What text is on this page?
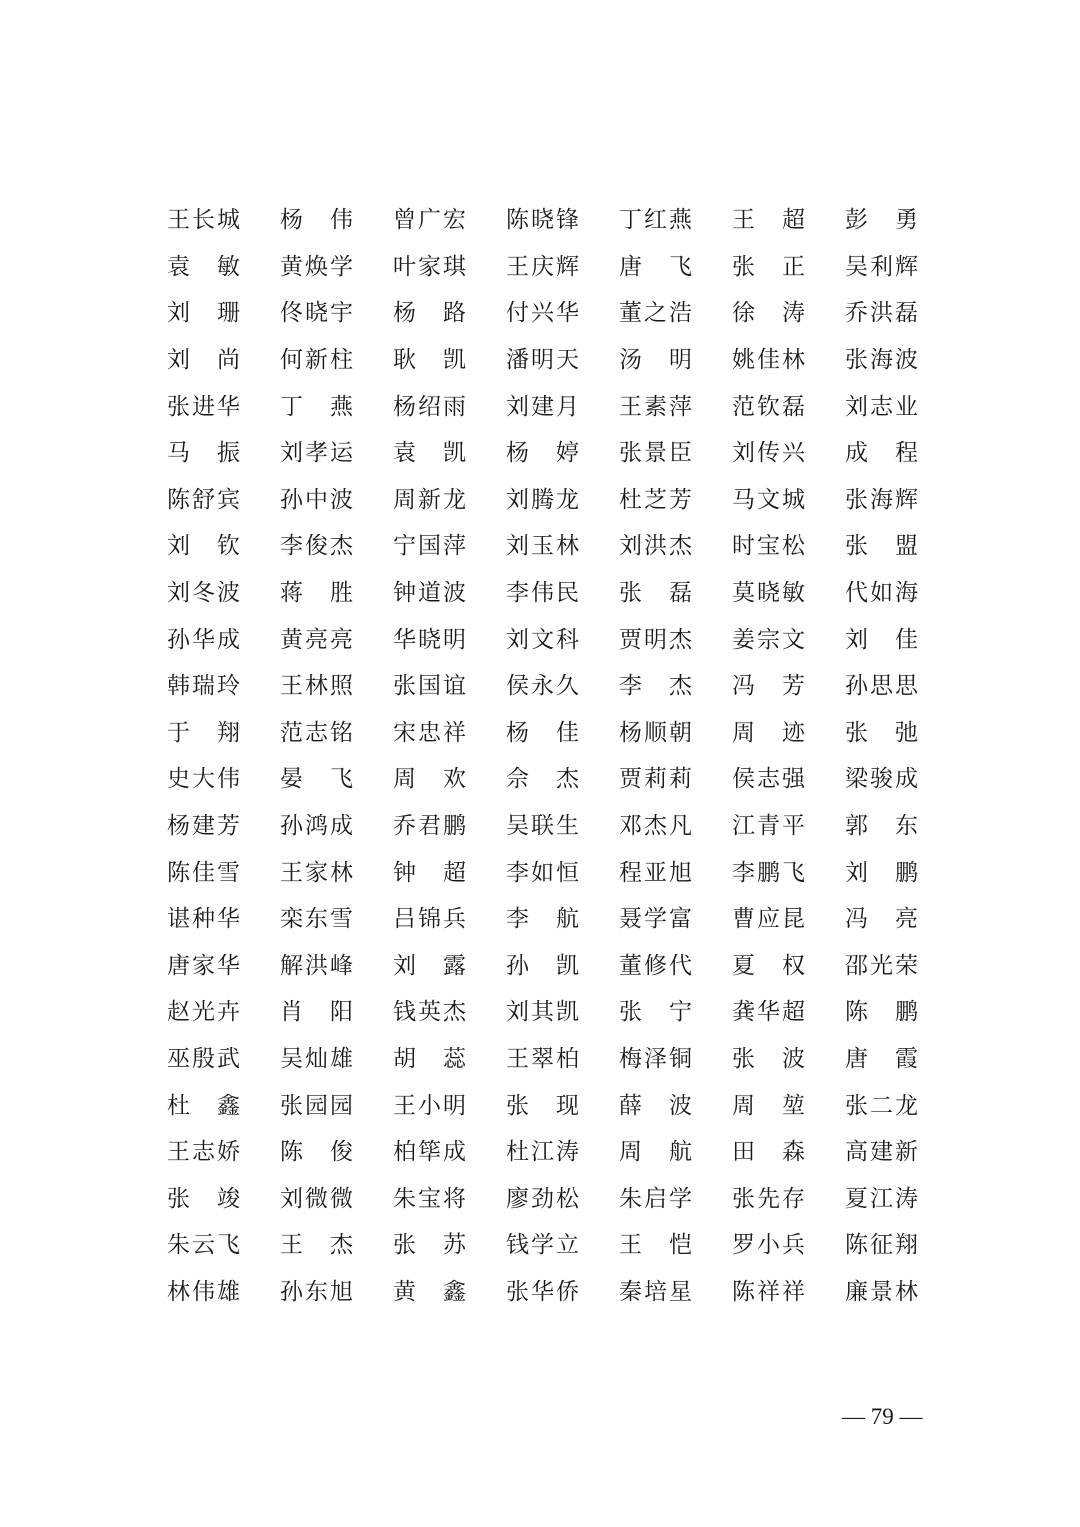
王 长 城 杨 伟 曾 广 宏 陈 晓 锋 丁 红 燕 王 超 彭 勇
袁 敏 黄 焕 学 叶 家 琪 王 庆 辉 唐 飞 张 正 吴 利 辉
刘 珊 佟 晓 宇 杨 路 付 兴 华 董 之 浩 徐 涛 乔 洪 磊
刘 尚 何 新 柱 耿 凯 潘 明 天 汤 明 姚 佳 林 张 海 波
张 进 华 丁 燕 杨 绍 雨 刘 建 月 王 素 萍 范 钦 磊 刘 志 业
马 振 刘 孝 运 袁 凯 杨 婷 张 景 臣 刘 传 兴 成 程
陈 舒 宾 孙 中 波 周 新 龙 刘 腾 龙 杜 芝 芳 马 文 城 张 海 辉
刘 钦 李 俊 杰 宁 国 萍 刘 玉 林 刘 洪 杰 时 宝 松 张 盟
刘 冬 波 蒋 胜 钟 道 波 李 伟 民 张 磊 莫 晓 敏 代 如 海
孙 华 成 黄 亮 亮 华 晓 明 刘 文 科 贾 明 杰 姜 宗 文 刘 佳
韩 瑞 玲 王 林 照 张 国 谊 侯 永 久 李 杰 冯 芳 孙 思 思
于 翔 范 志 铭 宋 忠 祥 杨 佳 杨 顺 朝 周 迹 张 弛
史 大 伟 晏 飞 周 欢 佘 杰 贾 莉 莉 侯 志 强 梁 骏 成
杨 建 芳 孙 鸿 成 乔 君 鹏 吴 联 生 邓 杰 凡 江 青 平 郭 东
陈 佳 雪 王 家 林 钟 超 李 如 恒 程 亚 旭 李 鹏 飞 刘 鹏
谌 种 华 栾 东 雪 吕 锦 兵 李 航 聂 学 富 曹 应 昆 冯 亮
唐 家 华 解 洪 峰 刘 露 孙 凯 董 修 代 夏 权 邵 光 荣
赵 光 卉 肖 阳 钱 英 杰 刘 其 凯 张 宁 龚 华 超 陈 鹏
巫 殷 武 吴 灿 雄 胡 蕊 王 翠 柏 梅 泽 铜 张 波 唐 霞
杜 鑫 张 园 园 王 小 明 张 现 薛 波 周 堃 张 二 龙
王 志 娇 陈 俊 柏 筚 成 杜 江 涛 周 航 田 森 高 建 新
张 竣 刘 微 微 朱 宝 将 廖 劲 松 朱 启 学 张 先 存 夏 江 涛
朱 云 飞 王 杰 张 苏 钱 学 立 王 恺 罗 小 兵 陈 征 翔
林 伟 雄 孙 东 旭 黄 鑫 张 华 侨 秦 培 星 陈 祥 祥 廉 景 林
— 79 —
